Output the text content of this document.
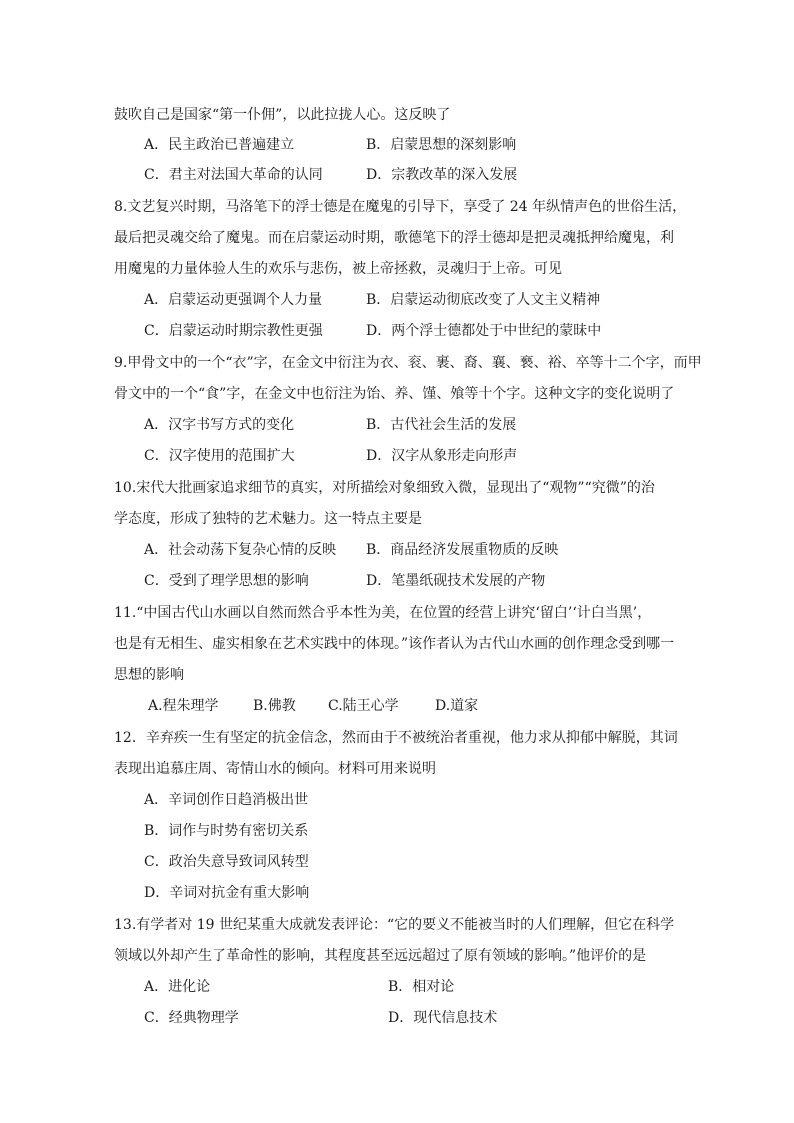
鼓吹自己是国家“第一仆佣”，以此拉拢人心。这反映了
A．民主政治已普遍建立	B．启蒙思想的深刻影响
C．君主对法国大革命的认同	D．宗教改革的深入发展
8.文艺复兴时期，马洛笔下的浮士德是在魔鬼的引导下，享受了 24 年纵情声色的世俗生活，
最后把灵魂交给了魔鬼。而在启蒙运动时期，歌德笔下的浮士德却是把灵魂抵押给魔鬼，利
用魔鬼的力量体验人生的欢乐与悲伤，被上帝拯救，灵魂归于上帝。可见
A．启蒙运动更强调个人力量	B．启蒙运动彻底改变了人文主义精神
C．启蒙运动时期宗教性更强	D．两个浮士德都处于中世纪的蒙昧中
9.甲骨文中的一个“衣”字，在金文中衍注为衣、衮、裹、裔、襄、䙝、裕、卒等十二个字，而甲
骨文中的一个“食”字，在金文中也衍注为饴、养、馑、飧等十个字。这种文字的变化说明了
A．汉字书写方式的变化	B．古代社会生活的发展
C．汉字使用的范围扩大	D．汉字从象形走向形声
10.宋代大批画家追求细节的真实，对所描绘对象细致入微，显现出了“观物”“究微”的治
学态度，形成了独特的艺术魅力。这一特点主要是
A．社会动荡下复杂心情的反映 B．商品经济发展重物质的反映
C．受到了理学思想的影响	D．笔墨纸砚技术发展的产物
11.“中国古代山水画以自然而然合乎本性为美，在位置的经营上讲究‘留白’‘计白当黑’，
也是有无相生、虚实相象在艺术实践中的体现。”该作者认为古代山水画的创作理念受到哪一
思想的影响
A.程朱理学 B.佛教 C.陆王心学	D.道家
12．辛弃疾一生有坚定的抗金信念，然而由于不被统治者重视，他力求从抑郁中解脱，其词
表现出追慕庄周、寄情山水的倾向。材料可用来说明
A．辛词创作日趋消极出世
B．词作与时势有密切关系
C．政治失意导致词风转型
D．辛词对抗金有重大影响
13.有学者对 19 世纪某重大成就发表评论：“它的要义不能被当时的人们理解，但它在科学
领域以外却产生了革命性的影响，其程度甚至远远超过了原有领域的影响。”他评价的是
A．进化论	B．相对论
C．经典物理学	D．现代信息技术
